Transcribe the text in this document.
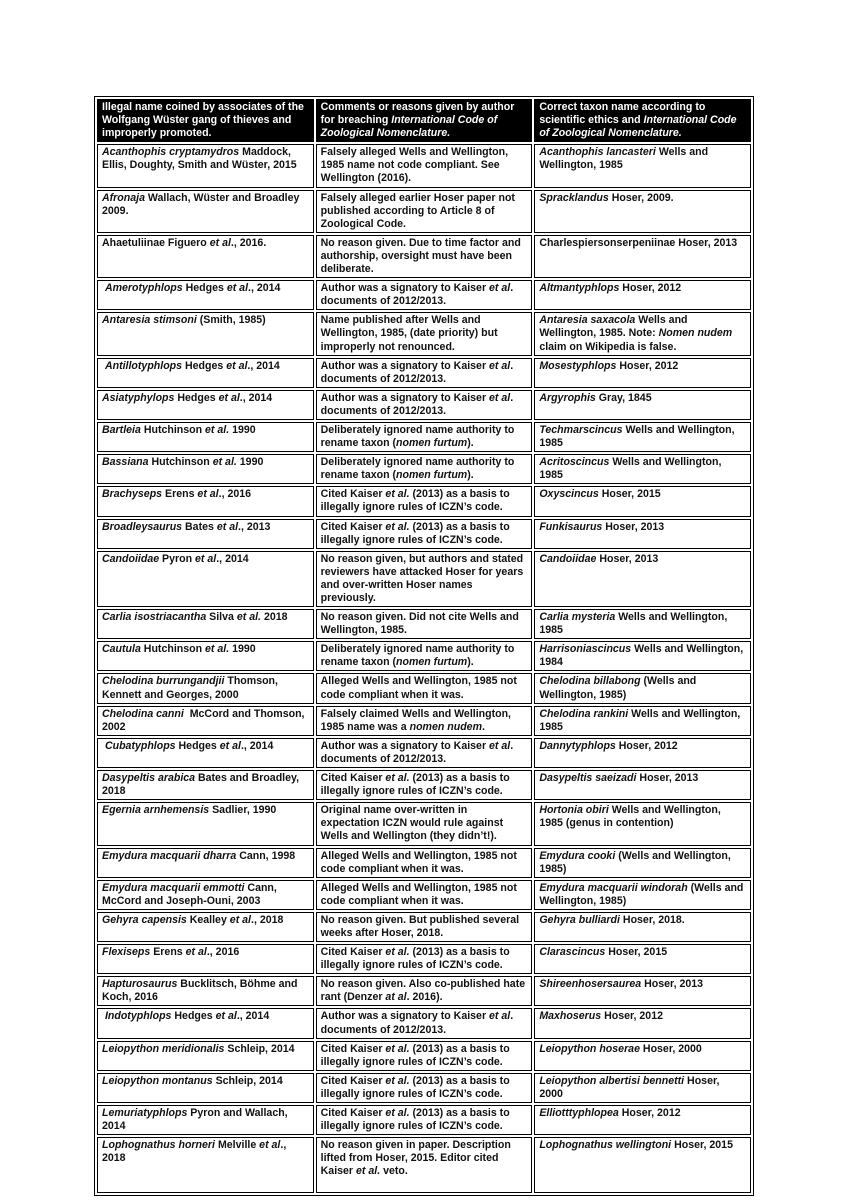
Illegal name coined by associates of the Wolfgang Wüster gang of thieves and improperly promoted.	Comments or reasons given by author for breaching International Code of Zoological Nomenclature.	Correct taxon name according to scientific ethics and International Code of Zoological Nomenclature.
Acanthophis cryptamydros Maddock, Ellis, Doughty, Smith and Wüster, 2015	Falsely alleged Wells and Wellington, 1985 name not code compliant. See Wellington (2016).	Acanthophis lancasteri Wells and Wellington, 1985
Afronaja Wallach, Wüster and Broadley 2009.	Falsely alleged earlier Hoser paper not published according to Article 8 of Zoological Code.	Spracklandus Hoser, 2009.
Ahaetuliinae Figuero et al., 2016.	No reason given. Due to time factor and authorship, oversight must have been deliberate.	Charlespiersonserpeniinae Hoser, 2013
Amerotyphlops Hedges et al., 2014	Author was a signatory to Kaiser et al. documents of 2012/2013.	Altmantyphlops Hoser, 2012
Antaresia stimsoni (Smith, 1985)	Name published after Wells and Wellington, 1985, (date priority) but improperly not renounced.	Antaresia saxacola Wells and Wellington, 1985. Note: Nomen nudem claim on Wikipedia is false.
Antillotyphlops Hedges et al., 2014	Author was a signatory to Kaiser et al. documents of 2012/2013.	Mosestyphlops Hoser, 2012
Asiatyphylops Hedges et al., 2014	Author was a signatory to Kaiser et al. documents of 2012/2013.	Argyrophis Gray, 1845
Bartleia Hutchinson et al. 1990	Deliberately ignored name authority to rename taxon (nomen furtum).	Techmarscincus Wells and Wellington, 1985
Bassiana Hutchinson et al. 1990	Deliberately ignored name authority to rename taxon (nomen furtum).	Acritoscincus Wells and Wellington, 1985
Brachyseps Erens et al., 2016	Cited Kaiser et al. (2013) as a basis to illegally ignore rules of ICZN’s code.	Oxyscincus Hoser, 2015
Broadleysaurus Bates et al., 2013	Cited Kaiser et al. (2013) as a basis to illegally ignore rules of ICZN’s code.	Funkisaurus Hoser, 2013
Candoiidae Pyron et al., 2014	No reason given, but authors and stated reviewers have attacked Hoser for years and over-written Hoser names previously.	Candoiidae Hoser, 2013
Carlia isostriacantha Silva et al. 2018	No reason given. Did not cite Wells and Wellington, 1985.	Carlia mysteria Wells and Wellington, 1985
Cautula Hutchinson et al. 1990	Deliberately ignored name authority to rename taxon (nomen furtum).	Harrisoniascincus Wells and Wellington, 1984
Chelodina burrungandjii Thomson, Kennett and Georges, 2000	Alleged Wells and Wellington, 1985 not code compliant when it was.	Chelodina billabong (Wells and Wellington, 1985)
Chelodina canni  McCord and Thomson, 2002	Falsely claimed Wells and Wellington, 1985 name was a nomen nudem.	Chelodina rankini Wells and Wellington, 1985
Cubatyphlops Hedges et al., 2014	Author was a signatory to Kaiser et al. documents of 2012/2013.	Dannytyphlops Hoser, 2012
Dasypeltis arabica Bates and Broadley, 2018	Cited Kaiser et al. (2013) as a basis to illegally ignore rules of ICZN’s code.	Dasypeltis saeizadi Hoser, 2013
Egernia arnhemensis Sadlier, 1990	Original name over-written in expectation ICZN would rule against Wells and Wellington (they didn’t!).	Hortonia obiri Wells and Wellington, 1985 (genus in contention)
Emydura macquarii dharra Cann, 1998	Alleged Wells and Wellington, 1985 not code compliant when it was.	Emydura cooki (Wells and Wellington, 1985)
Emydura macquarii emmotti Cann, McCord and Joseph-Ouni, 2003	Alleged Wells and Wellington, 1985 not code compliant when it was.	Emydura macquarii windorah (Wells and Wellington, 1985)
Gehyra capensis Kealley et al., 2018	No reason given. But published several weeks after Hoser, 2018.	Gehyra bulliardi Hoser, 2018.
Flexiseps Erens et al., 2016	Cited Kaiser et al. (2013) as a basis to illegally ignore rules of ICZN’s code.	Clarascincus Hoser, 2015
Hapturosaurus Bucklitsch, Böhme and Koch, 2016	No reason given. Also co-published hate rant (Denzer at al. 2016).	Shireenhosersaurea Hoser, 2013
Indotyphlops Hedges et al., 2014	Author was a signatory to Kaiser et al. documents of 2012/2013.	Maxhoserus Hoser, 2012
Leiopython meridionalis Schleip, 2014	Cited Kaiser et al. (2013) as a basis to illegally ignore rules of ICZN’s code.	Leiopython hoserae Hoser, 2000
Leiopython montanus Schleip, 2014	Cited Kaiser et al. (2013) as a basis to illegally ignore rules of ICZN’s code.	Leiopython albertisi bennetti Hoser, 2000
Lemuriatyphlops Pyron and Wallach, 2014	Cited Kaiser et al. (2013) as a basis to illegally ignore rules of ICZN’s code.	Elliotttyphlopea Hoser, 2012
Lophognathus horneri Melville et al., 2018	No reason given in paper. Description lifted from Hoser, 2015. Editor cited Kaiser et al. veto.	Lophognathus wellingtoni Hoser, 2015
